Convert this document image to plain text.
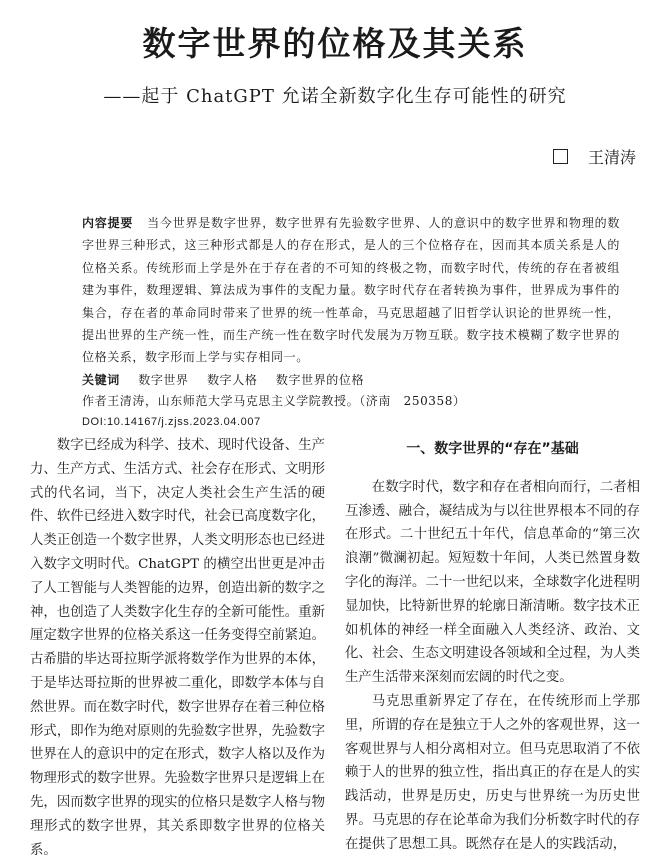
数字世界的位格及其关系
——起于 ChatGPT 允诺全新数字化生存可能性的研究
王清涛
内容提要 当今世界是数字世界，数字世界有先验数字世界、人的意识中的数字世界和物理的数字世界三种形式，这三种形式都是人的存在形式，是人的三个位格存在，因而其本质关系是人的位格关系。传统形而上学是外在于存在者的不可知的终极之物，而数字时代，传统的存在者被组建为事件，数理逻辑、算法成为事件的支配力量。数字时代存在者转换为事件，世界成为事件的集合，存在者的革命同时带来了世界的统一性革命，马克思超越了旧哲学认识论的世界统一性，提出世界的生产统一性，而生产统一性在数字时代发展为万物互联。数字技术模糊了数字世界的位格关系，数字形而上学与实存相同一。
关键词 数字世界 数字人格 数字世界的位格
作者王清涛，山东师范大学马克思主义学院教授。（济南　250358）
DOI:10.14167/j.zjss.2023.04.007

数字已经成为科学、技术、现时代设备、生产力、生产方式、生活方式、社会存在形式、文明形式的代名词，当下，决定人类社会生产生活的硬件、软件已经进入数字时代，社会已高度数字化，人类正创造一个数字世界，人类文明形态也已经进入数字文明时代。ChatGPT 的横空出世更是冲击了人工智能与人类智能的边界，创造出新的数字之神，也创造了人类数字化生存的全新可能性。重新厘定数字世界的位格关系这一任务变得空前紧迫。古希腊的毕达哥拉斯学派将数学作为世界的本体，于是毕达哥拉斯的世界被二重化，即数学本体与自然世界。而在数字时代，数字世界存在着三种位格形式，即作为绝对原则的先验数字世界，先验数字世界在人的意识中的定在形式，数字人格以及作为物理形式的数字世界。先验数字世界只是逻辑上在先，因而数字世界的现实的位格只是数字人格与物理形式的数字世界，其关系即数字世界的位格关系。

一、数字世界的“存在”基础

在数字时代，数字和存在者相向而行，二者相互渗透、融合，凝结成为与以往世界根本不同的存在形式。二十世纪五十年代，信息革命的“第三次浪潮”微澜初起。短短数十年间，人类已然置身数字化的海洋。二十一世纪以来，全球数字化进程明显加快，比特新世界的轮廓日渐清晰。数字技术正如机体的神经一样全面融入人类经济、政治、文化、社会、生态文明建设各领域和全过程，为人类生产生活带来深刻而宏阔的时代之变。

马克思重新界定了存在，在传统形而上学那里，所谓的存在是独立于人之外的客观世界，这一客观世界与人相分离相对立。但马克思取消了不依赖于人的世界的独立性，指出真正的存在是人的实践活动，世界是历史，历史与世界统一为历史世界。马克思的存在论革命为我们分析数字时代的存在提供了思想工具。既然存在是人的实践活动，
